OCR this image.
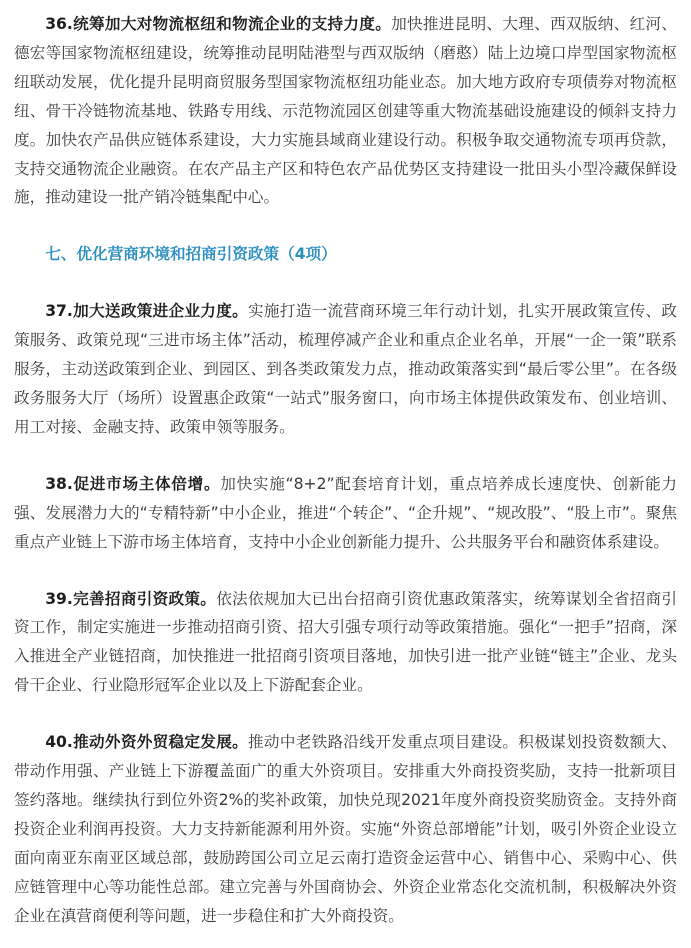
36.统筹加大对物流枢纽和物流企业的支持力度。加快推进昆明、大理、西双版纳、红河、德宏等国家物流枢纽建设，统筹推动昆明陆港型与西双版纳（磨憨）陆上边境口岸型国家物流枢纽联动发展，优化提升昆明商贸服务型国家物流枢纽功能业态。加大地方政府专项债券对物流枢纽、骨干冷链物流基地、铁路专用线、示范物流园区创建等重大物流基础设施建设的倾斜支持力度。加快农产品供应链体系建设，大力实施县域商业建设行动。积极争取交通物流专项再贷款，支持交通物流企业融资。在农产品主产区和特色农产品优势区支持建设一批田头小型冷藏保鲜设施，推动建设一批产销冷链集配中心。

七、优化营商环境和招商引资政策（4项）

37.加大送政策进企业力度。实施打造一流营商环境三年行动计划，扎实开展政策宣传、政策服务、政策兑现“三进市场主体”活动，梳理停减产企业和重点企业名单，开展“一企一策”联系服务，主动送政策到企业、到园区、到各类政策发力点，推动政策落实到“最后零公里”。在各级政务服务大厅（场所）设置惠企政策“一站式”服务窗口，向市场主体提供政策发布、创业培训、用工对接、金融支持、政策申领等服务。

38.促进市场主体倍增。加快实施“8+2”配套培育计划，重点培养成长速度快、创新能力强、发展潜力大的“专精特新”中小企业，推进“个转企”、“企升规”、“规改股”、“股上市”。聚焦重点产业链上下游市场主体培育，支持中小企业创新能力提升、公共服务平台和融资体系建设。

39.完善招商引资政策。依法依规加大已出台招商引资优惠政策落实，统筹谋划全省招商引资工作，制定实施进一步推动招商引资、招大引强专项行动等政策措施。强化“一把手”招商，深入推进全产业链招商，加快推进一批招商引资项目落地，加快引进一批产业链“链主”企业、龙头骨干企业、行业隐形冠军企业以及上下游配套企业。

40.推动外资外贸稳定发展。推动中老铁路沿线开发重点项目建设。积极谋划投资数额大、带动作用强、产业链上下游覆盖面广的重大外资项目。安排重大外商投资奖励，支持一批新项目签约落地。继续执行到位外资2%的奖补政策，加快兑现2021年度外商投资奖励资金。支持外商投资企业利润再投资。大力支持新能源利用外资。实施“外资总部增能”计划，吸引外资企业设立面向南亚东南亚区域总部，鼓励跨国公司立足云南打造资金运营中心、销售中心、采购中心、供应链管理中心等功能性总部。建立完善与外国商协会、外资企业常态化交流机制，积极解决外资企业在滇营商便利等问题，进一步稳住和扩大外商投资。
